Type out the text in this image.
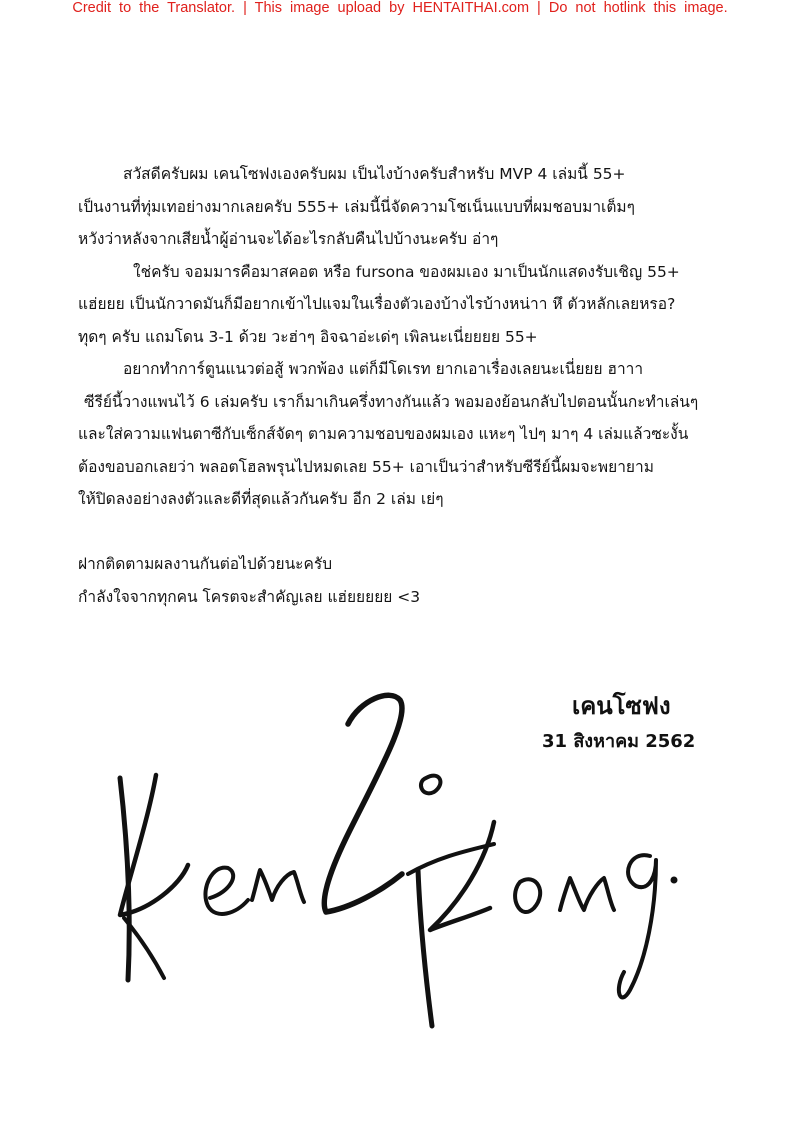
Credit to the Translator. | This image upload by HENTAITHAI.com | Do not hotlink this image.

สวัสดีครับผม เคนโซฟงเองครับผม เป็นไงบ้างครับสำหรับ MVP 4 เล่มนี้ 55+

เป็นงานที่ทุ่มเทอย่างมากเลยครับ 555+ เล่มนี้นี่จัดความโชเน็นแบบที่ผมชอบมาเต็มๆ

หวังว่าหลังจากเสียน้ำผู้อ่านจะได้อะไรกลับคืนไปบ้างนะครับ อ่าๆ

ใช่ครับ จอมมารคือมาสคอต หรือ fursona ของผมเอง มาเป็นนักแสดงรับเชิญ 55+

แฮ่ยยย เป็นนักวาดมันก็มีอยากเข้าไปแจมในเรื่องตัวเองบ้างไรบ้างหน่าา หึ ตัวหลักเลยหรอ?

ทุดๆ ครับ แถมโดน 3-1 ด้วย วะฮ่าๆ อิจฉาอ่ะเด่ๆ เพิลนะเนี่ยยยย 55+

อยากทำการ์ตูนแนวต่อสู้ พวกพ้อง แต่ก็มีโดเรท ยากเอาเรื่องเลยนะเนี่ยยย ฮาาา

ซีรีย์นี้วางแพนไว้ 6 เล่มครับ เราก็มาเกินครึ่งทางกันแล้ว พอมองย้อนกลับไปตอนนั้นกะทำเล่นๆ

และใส่ความแฟนตาซีกับเซ็กส์จัดๆ ตามความชอบของผมเอง แหะๆ ไปๆ มาๆ 4 เล่มแล้วซะงั้น

ต้องขอบอกเลยว่า พลอตโฮลพรุนไปหมดเลย 55+ เอาเป็นว่าสำหรับซีรีย์นี้ผมจะพยายาม

ให้ปิดลงอย่างลงตัวและดีที่สุดแล้วกันครับ อีก 2 เล่ม เย่ๆ

ฝากติดตามผลงานกันต่อไปด้วยนะครับ

กำลังใจจากทุกคน โครตจะสำคัญเลย แฮ่ยยยยย <3

เคนโซฟง
31 สิงหาคม 2562
